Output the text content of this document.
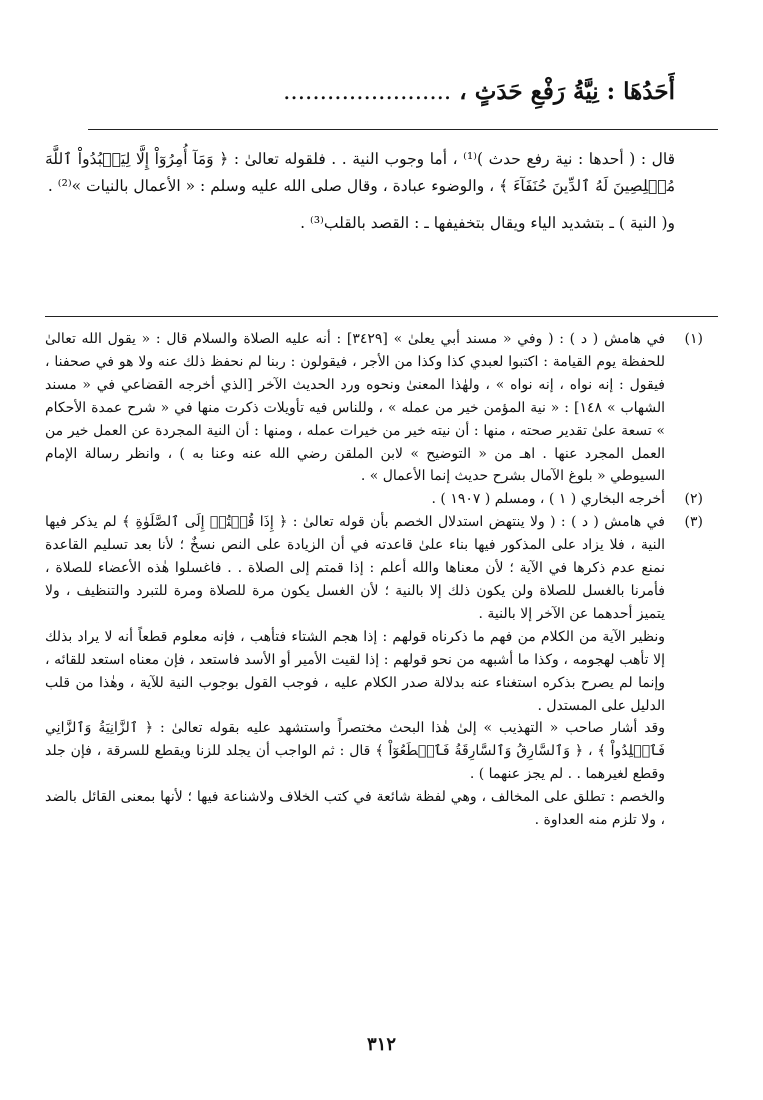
أَحَدُهَا : نِيَّةُ رَفْعِ حَدَثٍ ، .......................

قال : ( أحدها : نية رفع حدث )⁽¹⁾ ، أما وجوب النية . . فلقوله تعالىٰ : ﴿ وَمَآ أُمِرُوٓاْ إِلَّا لِيَعۡبُدُواْ ٱللَّهَ مُخۡلِصِينَ لَهُ ٱلدِّينَ حُنَفَآءَ ﴾ ، والوضوء عبادة ، وقال صلى الله عليه وسلم : « الأعمال بالنيات »⁽²⁾ .

و( النية ) ـ بتشديد الياء ويقال بتخفيفها ـ : القصد بالقلب⁽³⁾ .

(١)

في هامش ( د ) : ( وفي « مسند أبي يعلىٰ » [٣٤٢٩] : أنه عليه الصلاة والسلام قال : « يقول الله تعالىٰ للحفظة يوم القيامة : اكتبوا لعبدي كذا وكذا من الأجر ، فيقولون : ربنا لم نحفظ ذلك عنه ولا هو في صحفنا ، فيقول : إنه نواه ، إنه نواه » ، ولهٰذا المعنىٰ ونحوه ورد الحديث الآخر [الذي أخرجه القضاعي في « مسند الشهاب » ١٤٨] : « نية المؤمن خير من عمله » ، وللناس فيه تأويلات ذكرت منها في « شرح عمدة الأحكام » تسعة علىٰ تقدير صحته ، منها : أن نيته خير من خيرات عمله ، ومنها : أن النية المجردة عن العمل خير من العمل المجرد عنها . اهـ من « التوضيح » لابن الملقن رضي الله عنه وعنا به ) ، وانظر رسالة الإمام السيوطي « بلوغ الآمال بشرح حديث إنما الأعمال » .

(٢)

أخرجه البخاري ( ١ ) ، ومسلم ( ١٩٠٧ ) .

(٣)

في هامش ( د ) : ( ولا ينتهض استدلال الخصم بأن قوله تعالىٰ : ﴿ إِذَا قُمۡتُمۡ إِلَى ٱلصَّلَوٰةِ ﴾ لم يذكر فيها النية ، فلا يزاد على المذكور فيها بناء علىٰ قاعدته في أن الزيادة على النص نسخٌ ؛ لأنا بعد تسليم القاعدة نمنع عدم ذكرها في الآية ؛ لأن معناها والله أعلم : إذا قمتم إلى الصلاة . . فاغسلوا هٰذه الأعضاء للصلاة ، فأمرنا بالغسل للصلاة ولن يكون ذلك إلا بالنية ؛ لأن الغسل يكون مرة للصلاة ومرة للتبرد والتنظيف ، ولا يتميز أحدهما عن الآخر إلا بالنية .

ونظير الآية من الكلام من فهم ما ذكرناه قولهم : إذا هجم الشتاء فتأهب ، فإنه معلوم قطعاً أنه لا يراد بذلك إلا تأهب لهجومه ، وكذا ما أشبهه من نحو قولهم : إذا لقيت الأمير أو الأسد فاستعد ، فإن معناه استعد للقائه ، وإنما لم يصرح بذكره استغناء عنه بدلالة صدر الكلام عليه ، فوجب القول بوجوب النية للآية ، وهٰذا من قلب الدليل على المستدل .

وقد أشار صاحب « التهذيب » إلىٰ هٰذا البحث مختصراً واستشهد عليه بقوله تعالىٰ : ﴿ ٱلزَّانِيَةُ وَٱلزَّانِي فَٱجۡلِدُواْ ﴾ ، ﴿ وَٱلسَّارِقُ وَٱلسَّارِقَةُ فَٱقۡطَعُوٓاْ ﴾ قال : ثم الواجب أن يجلد للزنا ويقطع للسرقة ، فإن جلد وقطع لغيرهما . . لم يجز عنهما ) .

والخصم : تطلق على المخالف ، وهي لفظة شائعة في كتب الخلاف ولاشناعة فيها ؛ لأنها بمعنى القائل بالضد ، ولا تلزم منه العداوة .

٣١٢
